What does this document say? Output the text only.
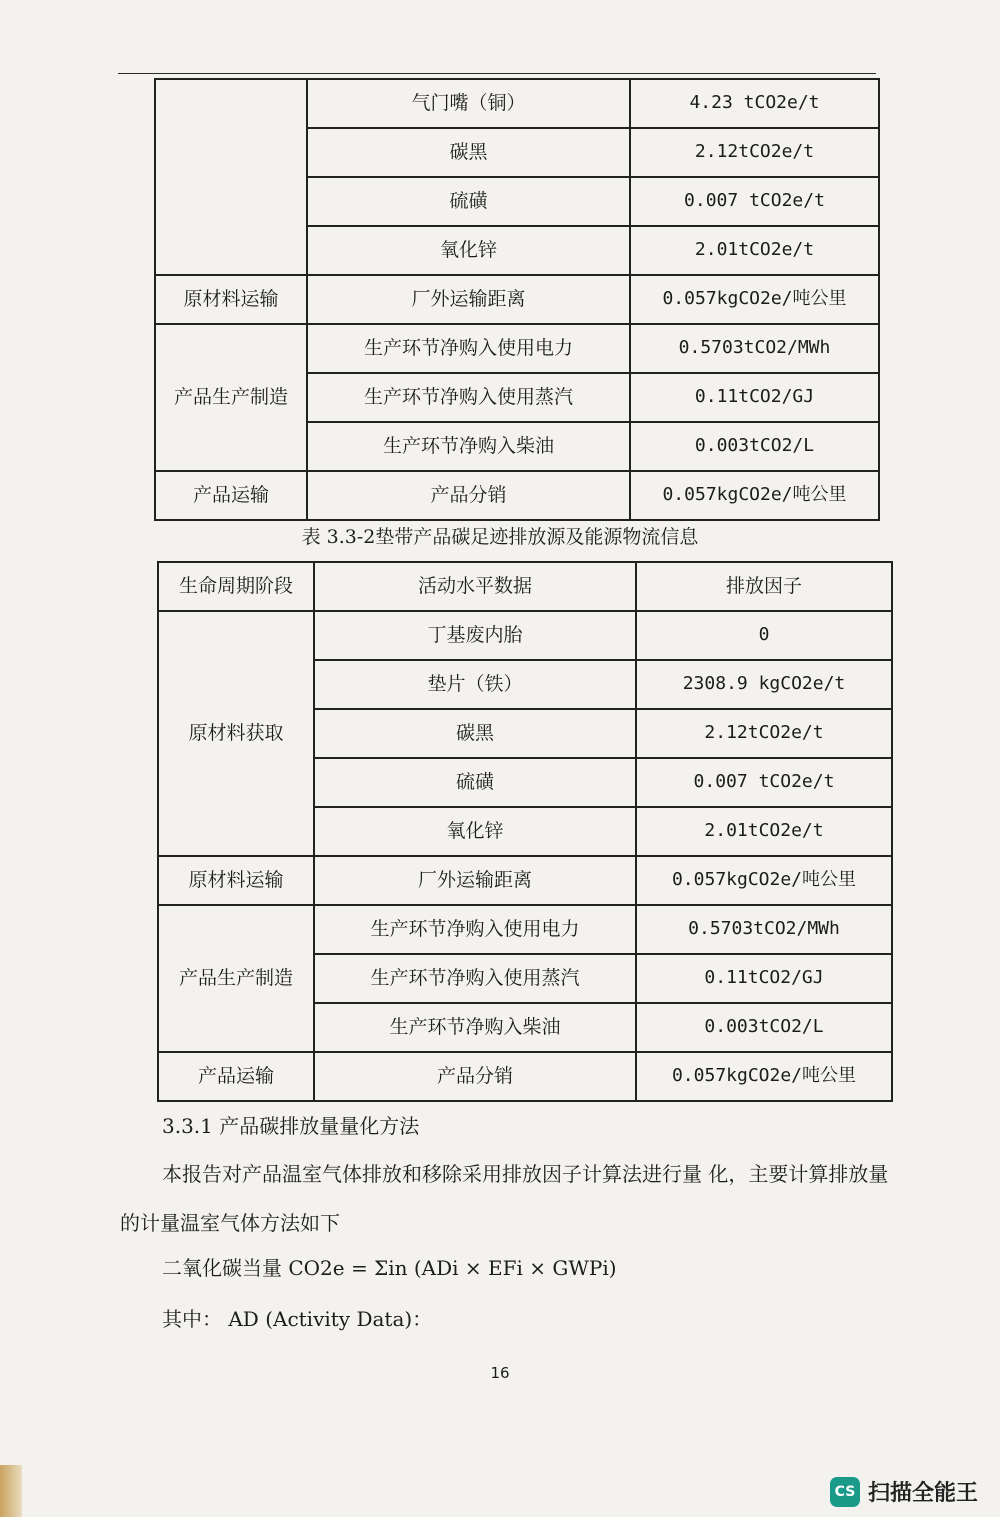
	气门嘴（铜）	4.23 tCO2e/t
	碳黑	2.12tCO2e/t
	硫磺	0.007 tCO2e/t
	氧化锌	2.01tCO2e/t
原材料运输	厂外运输距离	0.057kgCO2e/吨公里
产品生产制造	生产环节净购入使用电力	0.5703tCO2/MWh
	生产环节净购入使用蒸汽	0.11tCO2/GJ
	生产环节净购入柴油	0.003tCO2/L
产品运输	产品分销	0.057kgCO2e/吨公里
表 3.3-2垫带产品碳足迹排放源及能源物流信息
生命周期阶段	活动水平数据	排放因子
原材料获取	丁基废内胎	0
	垫片（铁）	2308.9 kgCO2e/t
	碳黑	2.12tCO2e/t
	硫磺	0.007 tCO2e/t
	氧化锌	2.01tCO2e/t
原材料运输	厂外运输距离	0.057kgCO2e/吨公里
产品生产制造	生产环节净购入使用电力	0.5703tCO2/MWh
	生产环节净购入使用蒸汽	0.11tCO2/GJ
	生产环节净购入柴油	0.003tCO2/L
产品运输	产品分销	0.057kgCO2e/吨公里
3.3.1 产品碳排放量量化方法
本报告对产品温室气体排放和移除采用排放因子计算法进行量 化，主要计算排放量的计量温室气体方法如下
二氧化碳当量 CO2e = Σin (ADi × EFi × GWPi)
其中： AD (Activity Data)：
16
CS 扫描全能王
